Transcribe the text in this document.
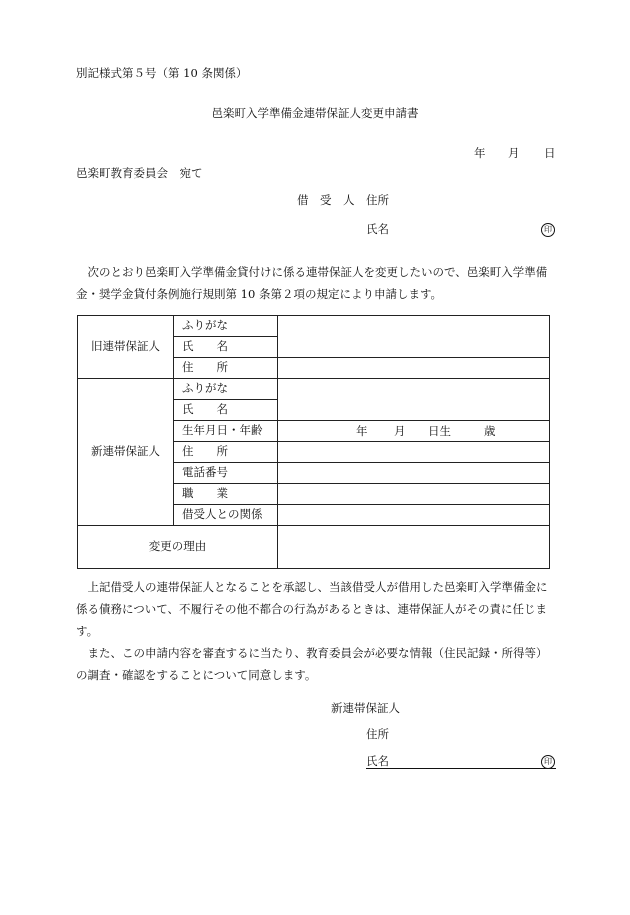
別記様式第５号（第 10 条関係）
邑楽町入学準備金連帯保証人変更申請書
年 月 日
邑楽町教育委員会　宛て
借　受　人 住所
氏名	印
次のとおり邑楽町入学準備金貸付けに係る連帯保証人を変更したいので、邑楽町入学準備金・奨学金貸付条例施行規則第 10 条第２項の規定により申請します。
旧連帯保証人	ふりがな	
	氏　　名	
	住　　所	
新連帯保証人	ふりがな	
	氏　　名	
	生年月日・年齢	年 月 日生 歳

	住　　所	
	電話番号	
	職　　業	
	借受人との関係	
変更の理由		
上記借受人の連帯保証人となることを承認し、当該借受人が借用した邑楽町入学準備金に係る債務について、不履行その他不都合の行為があるときは、連帯保証人がその責に任じます。
また、この申請内容を審査するに当たり、教育委員会が必要な情報（住民記録・所得等）の調査・確認をすることについて同意します。
新連帯保証人
住所
氏名	印
